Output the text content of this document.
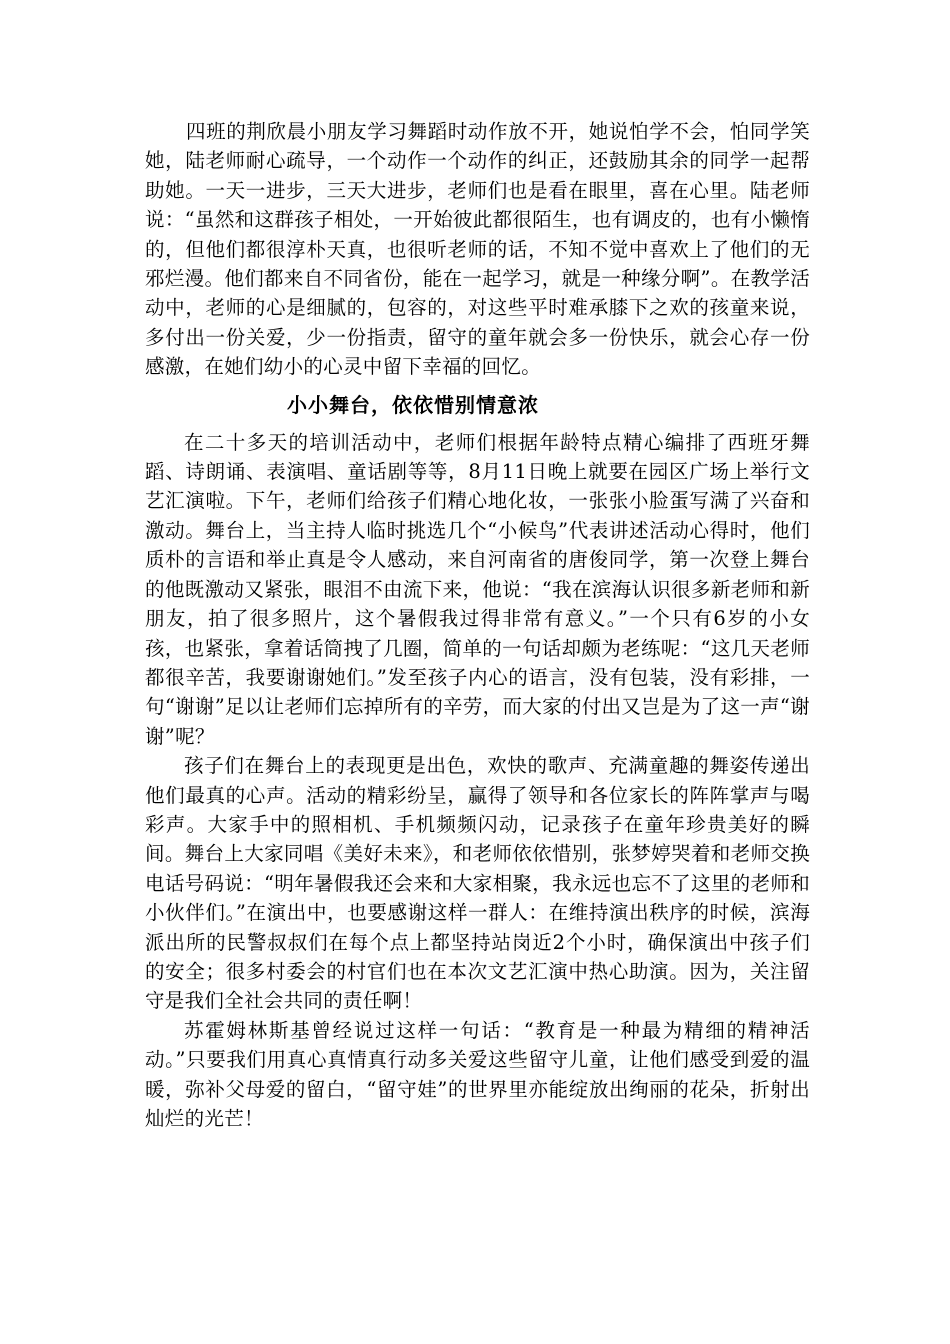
四班的荆欣晨小朋友学习舞蹈时动作放不开，她说怕学不会，怕同学笑她，陆老师耐心疏导，一个动作一个动作的纠正，还鼓励其余的同学一起帮助她。一天一进步，三天大进步，老师们也是看在眼里，喜在心里。陆老师说：“虽然和这群孩子相处，一开始彼此都很陌生，也有调皮的，也有小懒惰的，但他们都很淳朴天真，也很听老师的话，不知不觉中喜欢上了他们的无邪烂漫。他们都来自不同省份，能在一起学习，就是一种缘分啊”。在教学活动中，老师的心是细腻的，包容的，对这些平时难承膝下之欢的孩童来说，多付出一份关爱，少一份指责，留守的童年就会多一份快乐，就会心存一份感激，在她们幼小的心灵中留下幸福的回忆。

小小舞台，依依惜别情意浓

在二十多天的培训活动中，老师们根据年龄特点精心编排了西班牙舞蹈、诗朗诵、表演唱、童话剧等等，8月11日晚上就要在园区广场上举行文艺汇演啦。下午，老师们给孩子们精心地化妆，一张张小脸蛋写满了兴奋和激动。舞台上，当主持人临时挑选几个“小候鸟”代表讲述活动心得时，他们质朴的言语和举止真是令人感动，来自河南省的唐俊同学，第一次登上舞台的他既激动又紧张，眼泪不由流下来，他说：“我在滨海认识很多新老师和新朋友，拍了很多照片，这个暑假我过得非常有意义。”一个只有6岁的小女孩，也紧张，拿着话筒拽了几圈，简单的一句话却颇为老练呢：“这几天老师都很辛苦，我要谢谢她们。”发至孩子内心的语言，没有包装，没有彩排，一句“谢谢”足以让老师们忘掉所有的辛劳，而大家的付出又岂是为了这一声“谢谢”呢？

孩子们在舞台上的表现更是出色，欢快的歌声、充满童趣的舞姿传递出他们最真的心声。活动的精彩纷呈，赢得了领导和各位家长的阵阵掌声与喝彩声。大家手中的照相机、手机频频闪动，记录孩子在童年珍贵美好的瞬间。舞台上大家同唱《美好未来》，和老师依依惜别，张梦婷哭着和老师交换电话号码说：“明年暑假我还会来和大家相聚，我永远也忘不了这里的老师和小伙伴们。”在演出中，也要感谢这样一群人：在维持演出秩序的时候，滨海派出所的民警叔叔们在每个点上都坚持站岗近2个小时，确保演出中孩子们的安全；很多村委会的村官们也在本次文艺汇演中热心助演。因为，关注留守是我们全社会共同的责任啊！

苏霍姆林斯基曾经说过这样一句话：“教育是一种最为精细的精神活动。”只要我们用真心真情真行动多关爱这些留守儿童，让他们感受到爱的温暖，弥补父母爱的留白，“留守娃”的世界里亦能绽放出绚丽的花朵，折射出灿烂的光芒！
